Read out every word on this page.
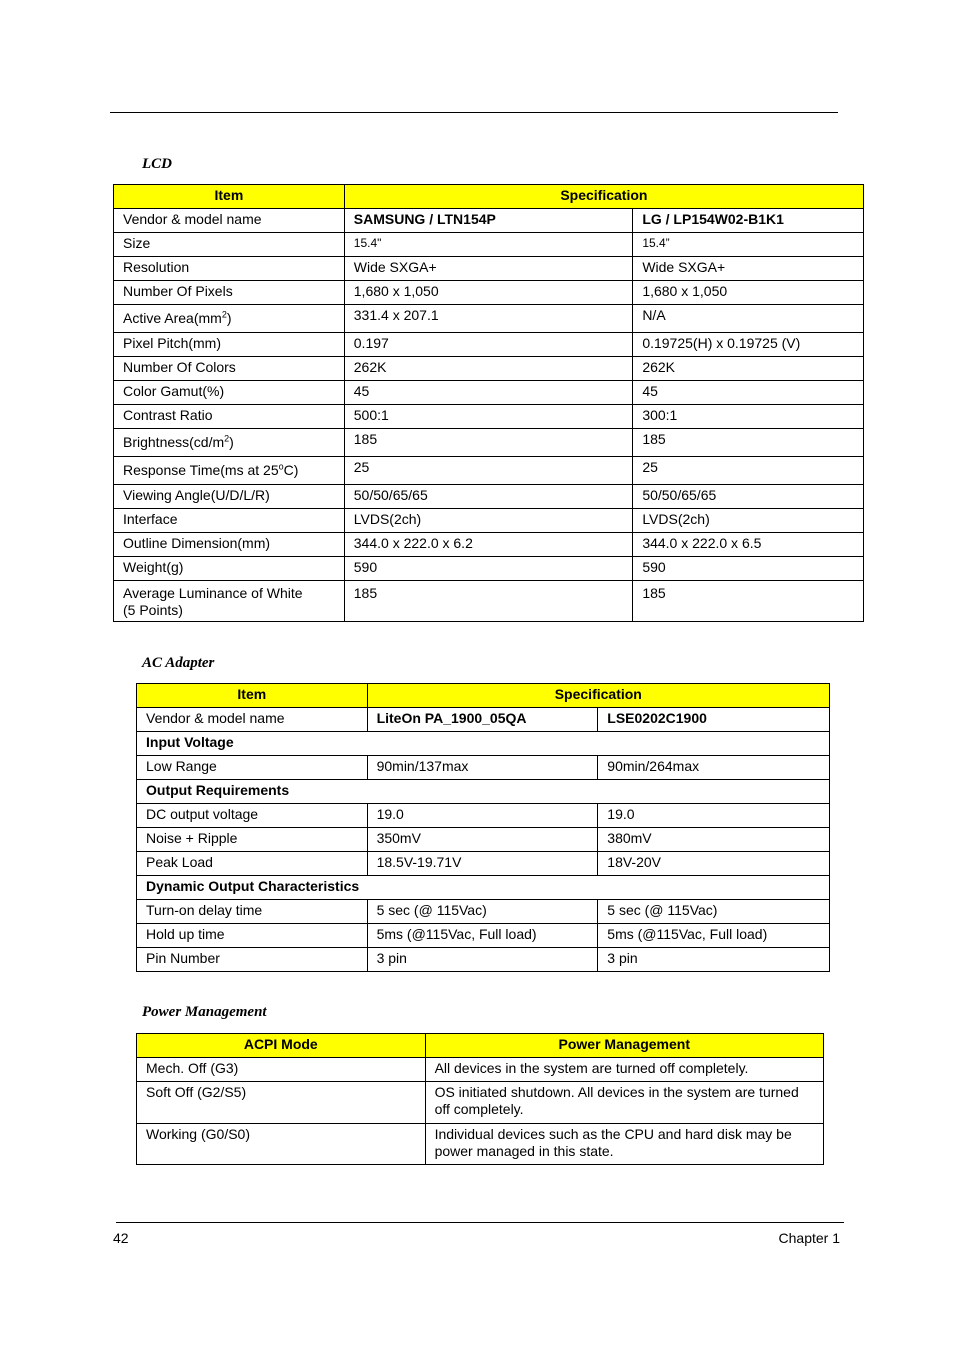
LCD
Item	Specification	
Vendor & model name	SAMSUNG / LTN154P	LG / LP154W02-B1K1
Size	15.4"	15.4”
Resolution	Wide SXGA+	Wide SXGA+
Number Of Pixels	1,680 x 1,050	1,680 x 1,050
Active $Area(mm^2)$	331.4 x 207.1	N/A
Pixel Pitch(mm)	0.197	0.19725(H) x 0.19725 (V)
Number Of Colors	262K	262K
Color Gamut(%)	45	45
Contrast Ratio	500:1	300:1
$Brightness(cd/m^2)$	185	185
Response Time(ms at 25$^o$C)	25	25
Viewing Angle(U/D/L/R)	50/50/65/65	50/50/65/65
Interface	LVDS(2ch)	LVDS(2ch)
Outline Dimension(mm)	344.0 x 222.0 x 6.2	344.0 x 222.0 x 6.5
Weight(g)	590	590

Average Luminance of White
(5 Points)	185	185
AC Adapter
Item	Specification	
Vendor & model name	LiteOn PA_1900_05QA	LSE0202C1900
Input Voltage		
Low Range	90min/137max	90min/264max
Output Requirements		
DC output voltage	19.0	19.0
Noise + Ripple	350mV	380mV
Peak Load	18.5V-19.71V	18V-20V
Dynamic Output Characteristics		
Turn-on delay time	5 sec (@ 115Vac)	5 sec (@ 115Vac)
Hold up time	5ms (@115Vac, Full load)	5ms (@115Vac, Full load)
Pin Number	3 pin	3 pin
Power Management
ACPI Mode	Power Management
Mech. Off (G3)	All devices in the system are turned off completely.
Soft Off (G2/S5)	OS initiated shutdown. All devices in the system are turned
off completely.

Working (G0/S0)	Individual devices such as the CPU and hard disk may be
power managed in this state.
42	Chapter 1
